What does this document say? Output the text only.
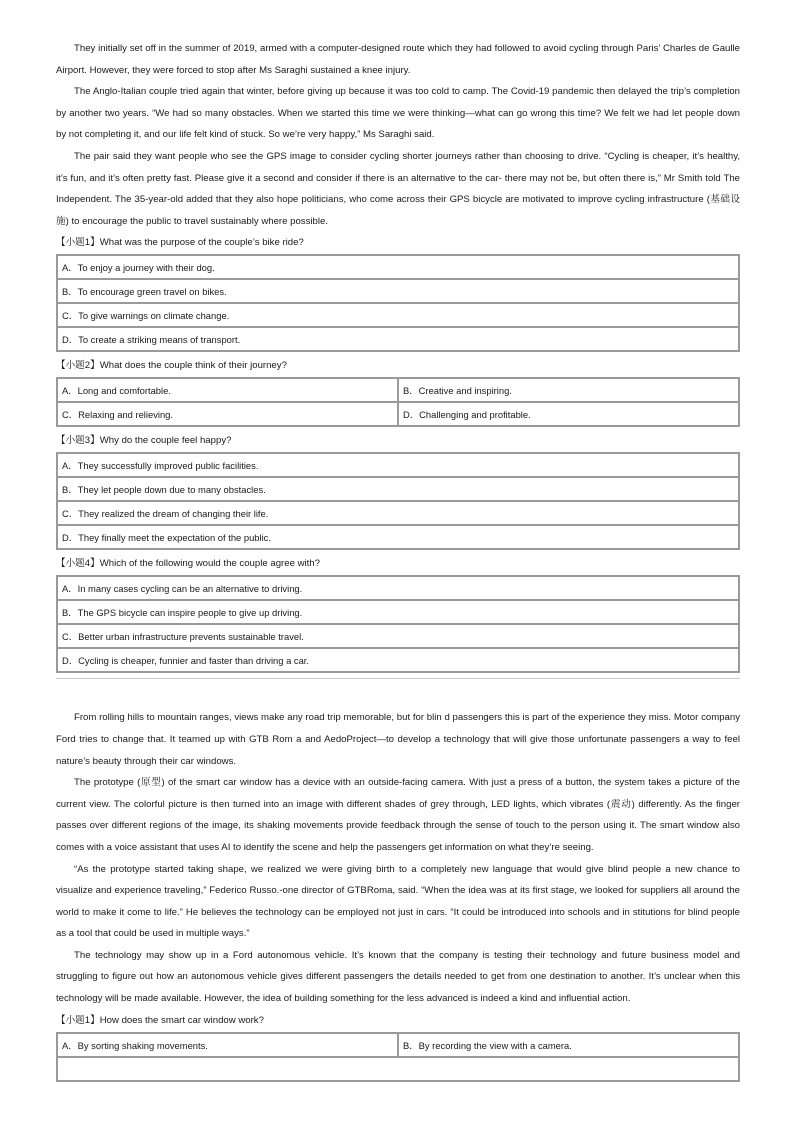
They initially set off in the summer of 2019, armed with a computer-designed route which they had followed to avoid cycling through Paris’ Charles de Gaulle Airport. However, they were forced to stop after Ms Saraghi sustained a knee injury.

The Anglo-Italian couple tried again that winter, before giving up because it was too cold to camp. The Covid-19 pandemic then delayed the trip’s completion by another two years. “We had so many obstacles. When we started this time we were thinking—what can go wrong this time? We felt we had let people down by not completing it, and our life felt kind of stuck. So we’re very happy,” Ms Saraghi said.

The pair said they want people who see the GPS image to consider cycling shorter journeys rather than choosing to drive. “Cycling is cheaper, it’s healthy, it’s fun, and it’s often pretty fast. Please give it a second and consider if there is an alternative to the car- there may not be, but often there is,” Mr Smith told The Independent. The 35-year-old added that they also hope politicians, who come across their GPS bicycle are motivated to improve cycling infrastructure (基础设施) to encourage the public to travel sustainably where possible.

【小题1】What was the purpose of the couple’s bike ride?
A．To enjoy a journey with their dog.
B．To encourage green travel on bikes.
C．To give warnings on climate change.
D．To create a striking means of transport.
【小题2】What does the couple think of their journey?
A．Long and comfortable.	B．Creative and inspiring.
C．Relaxing and relieving.	D．Challenging and profitable.
【小题3】Why do the couple feel happy?
A．They successfully improved public facilities.
B．They let people down due to many obstacles.
C．They realized the dream of changing their life.
D．They finally meet the expectation of the public.
【小题4】Which of the following would the couple agree with?
A．In many cases cycling can be an alternative to driving.
B．The GPS bicycle can inspire people to give up driving.
C．Better urban infrastructure prevents sustainable travel.
D．Cycling is cheaper, funnier and faster than driving a car.

From rolling hills to mountain ranges, views make any road trip memorable, but for blin d passengers this is part of the experience they miss. Motor company Ford tries to change that. It teamed up with GTB Rom a and AedoProject—to develop a technology that will give those unfortunate passengers a way to feel nature’s beauty through their car windows.

The prototype (原型) of the smart car window has a device with an outside-facing camera. With just a press of a button, the system takes a picture of the current view. The colorful picture is then turned into an image with different shades of grey through, LED lights, which vibrates (震动) differently. As the finger passes over different regions of the image, its shaking movements provide feedback through the sense of touch to the person using it. The smart window also comes with a voice assistant that uses AI to identify the scene and help the passengers get information on what they’re seeing.

“As the prototype started taking shape, we realized we were giving birth to a completely new language that would give blind people a new chance to visualize and experience traveling,” Federico Russo.-one director of GTBRoma, said. “When the idea was at its first stage, we looked for suppliers all around the world to make it come to life.” He believes the technology can be employed not just in cars. “It could be introduced into schools and in stitutions for blind people as a tool that could be used in multiple ways.”

The technology may show up in a Ford autonomous vehicle. It’s known that the company is testing their technology and future business model and struggling to figure out how an autonomous vehicle gives different passengers the details needed to get from one destination to another. It’s unclear when this technology will be made available. However, the idea of building something for the less advanced is indeed a kind and influential action.

【小题1】How does the smart car window work?
A．By sorting shaking movements.	B．By recording the view with a camera.
